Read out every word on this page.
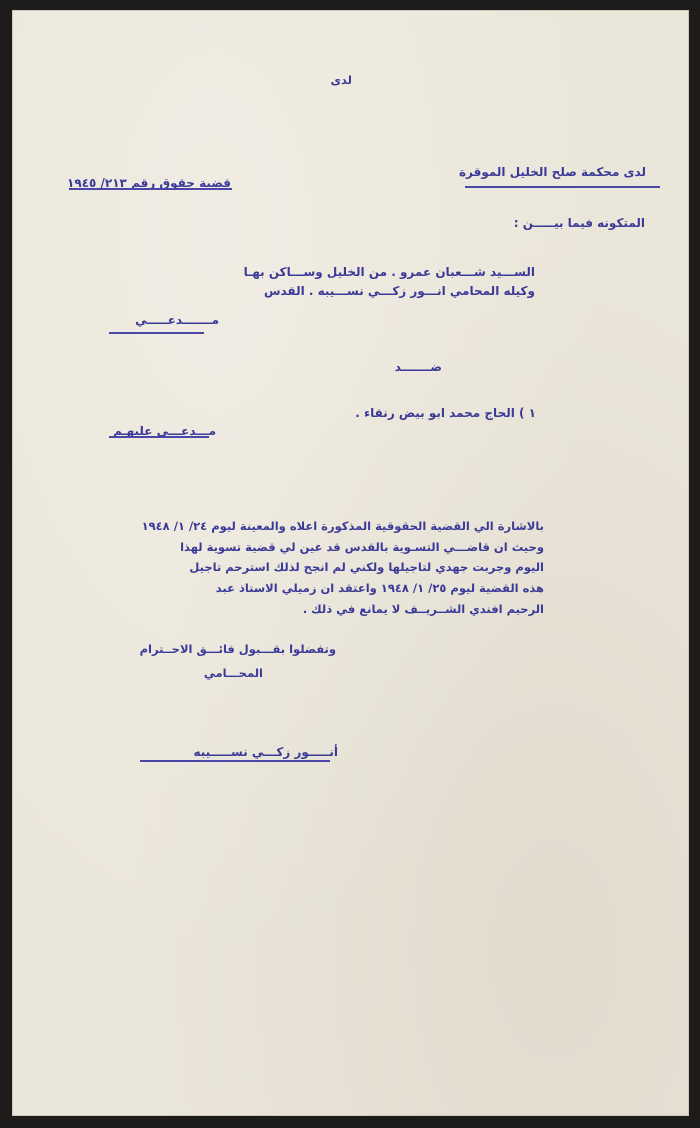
لدى
لدى محكمة صلح الخليل الموقرة
قضية حقوق رقم ٢١٣/ ١٩٤٥
المتكونه فيما بيـــــن :
الســـيد شـــعبان عمرو . من الخليل وســـاكن بهـا
وكيله المحامي انـــور زكـــي نســـيبه . القدس
مـــــــدعـــــي
ضـــــــد
١ ) الحاج محمد ابو بيض رنقاء .
مـــدعـــي عليهـم
بالاشارة الي القضية الحقوقية المذكورة اعلاه والمعينة ليوم ٢٤/ ١/ ١٩٤٨
وحيث ان قاضـــي التسـوية بالقدس قد عين لي قضية تسوية لهذا
اليوم وجربت جهدي لتاجيلها ولكني لم انجح لذلك استرحم تاجيل
هذه القضية ليوم ٢٥/ ١/ ١٩٤٨ واعتقد ان زميلي الاستاذ عبد
الرحيم افندي الشــريــف لا يمانع في ذلك .
وتفضلوا بقـــبول فائـــق الاحــترام
المحـــامي
أنـــــور زكـــي نســـــيبه
